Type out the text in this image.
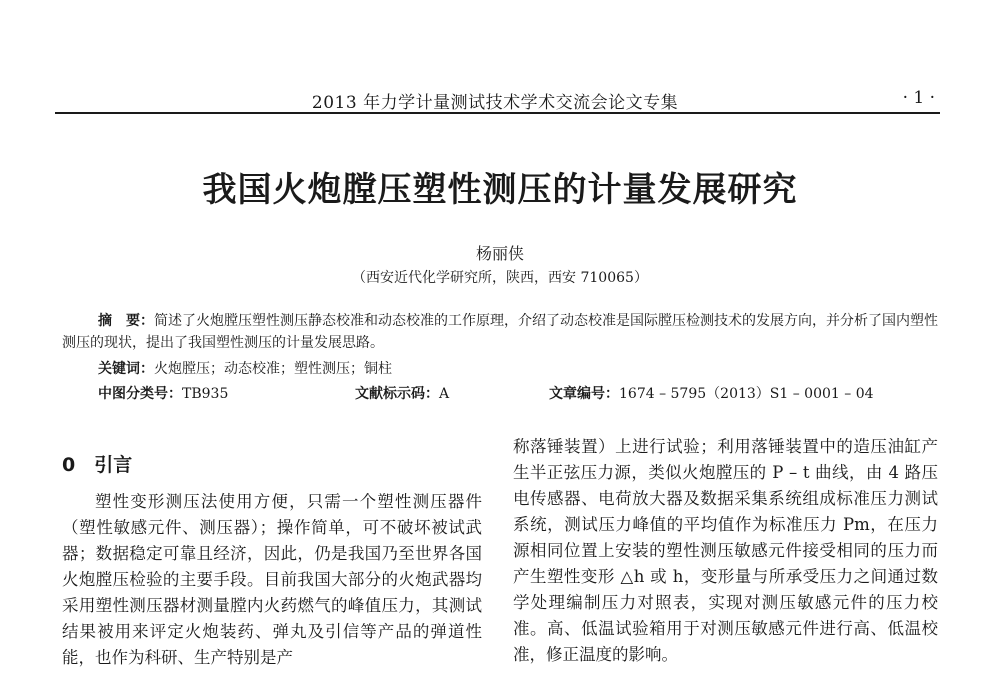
2013 年力学计量测试技术学术交流会论文专集	· 1 ·
我国火炮膛压塑性测压的计量发展研究
杨丽侠
（西安近代化学研究所，陕西，西安 710065）
摘　要：简述了火炮膛压塑性测压静态校准和动态校准的工作原理，介绍了动态校准是国际膛压检测技术的发展方向，并分析了国内塑性测压的现状，提出了我国塑性测压的计量发展思路。
关键词：火炮膛压；动态校准；塑性测压；铜柱
中图分类号：TB935	文献标示码：A	文章编号：1674 – 5795（2013）S1 – 0001 – 04
0  引言
塑性变形测压法使用方便，只需一个塑性测压器件（塑性敏感元件、测压器）；操作简单，可不破坏被试武器；数据稳定可靠且经济，因此，仍是我国乃至世界各国火炮膛压检验的主要手段。目前我国大部分的火炮武器均采用塑性测压器材测量膛内火药燃气的峰值压力，其测试结果被用来评定火炮装药、弹丸及引信等产品的弹道性能，也作为科研、生产特别是产
称落锤装置）上进行试验；利用落锤装置中的造压油缸产生半正弦压力源，类似火炮膛压的 P – t 曲线，由 4 路压电传感器、电荷放大器及数据采集系统组成标准压力测试系统，测试压力峰值的平均值作为标准压力 Pm，在压力源相同位置上安装的塑性测压敏感元件接受相同的压力而产生塑性变形 △h 或 h，变形量与所承受压力之间通过数学处理编制压力对照表，实现对测压敏感元件的压力校准。高、低温试验箱用于对测压敏感元件进行高、低温校准，修正温度的影响。
